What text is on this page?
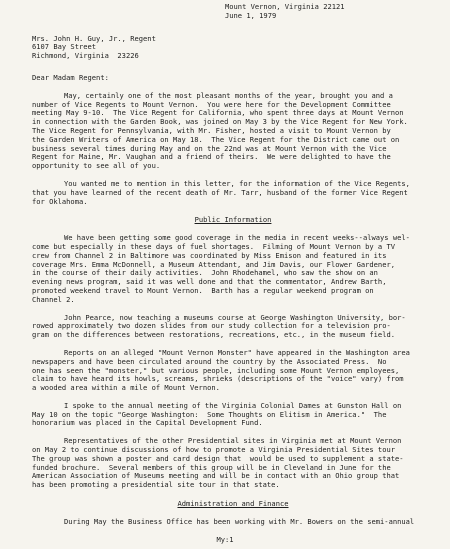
Mount Vernon, Virginia 22121

June 1, 1979

Mrs. John H. Guy, Jr., Regent

6107 Bay Street

Richmond, Virginia  23226

Dear Madam Regent:

May, certainly one of the most pleasant months of the year, brought you and a

number of Vice Regents to Mount Vernon.  You were here for the Development Committee

meeting May 9-10.  The Vice Regent for California, who spent three days at Mount Vernon

in connection with the Garden Book, was joined on May 3 by the Vice Regent for New York.

The Vice Regent for Pennsylvania, with Mr. Fisher, hosted a visit to Mount Vernon by

the Garden Writers of America on May 18.  The Vice Regent for the District came out on

business several times during May and on the 22nd was at Mount Vernon with the Vice

Regent for Maine, Mr. Vaughan and a friend of theirs.  We were delighted to have the

opportunity to see all of you.

You wanted me to mention in this letter, for the information of the Vice Regents,

that you have learned of the recent death of Mr. Tarr, husband of the former Vice Regent

for Oklahoma.

Public Information

We have been getting some good coverage in the media in recent weeks--always wel-

come but especially in these days of fuel shortages.  Filming of Mount Vernon by a TV

crew from Channel 2 in Baltimore was coordinated by Miss Emison and featured in its

coverage Mrs. Emma McDonnell, a Museum Attendant, and Jim Davis, our Flower Gardener,

in the course of their daily activities.  John Rhodehamel, who saw the show on an

evening news program, said it was well done and that the commentator, Andrew Barth,

promoted weekend travel to Mount Vernon.  Barth has a regular weekend program on

Channel 2.

John Pearce, now teaching a museums course at George Washington University, bor-

rowed approximately two dozen slides from our study collection for a television pro-

gram on the differences between restorations, recreations, etc., in the museum field.

Reports on an alleged "Mount Vernon Monster" have appeared in the Washington area

newspapers and have been circulated around the country by the Associated Press.  No

one has seen the "monster," but various people, including some Mount Vernon employees,

claim to have heard its howls, screams, shrieks (descriptions of the "voice" vary) from

a wooded area within a mile of Mount Vernon.

I spoke to the annual meeting of the Virginia Colonial Dames at Gunston Hall on

May 10 on the topic "George Washington:  Some Thoughts on Elitism in America."  The

honorarium was placed in the Capital Development Fund.

Representatives of the other Presidential sites in Virginia met at Mount Vernon

on May 2 to continue discussions of how to promote a Virginia Presidential Sites tour

The group was shown a poster and card design that  would be used to supplement a state-

funded brochure.  Several members of this group will be in Cleveland in June for the

American Association of Museums meeting and will be in contact with an Ohio group that

has been promoting a presidential site tour in that state.

Administration and Finance

During May the Business Office has been working with Mr. Bowers on the semi-annual

My:1
